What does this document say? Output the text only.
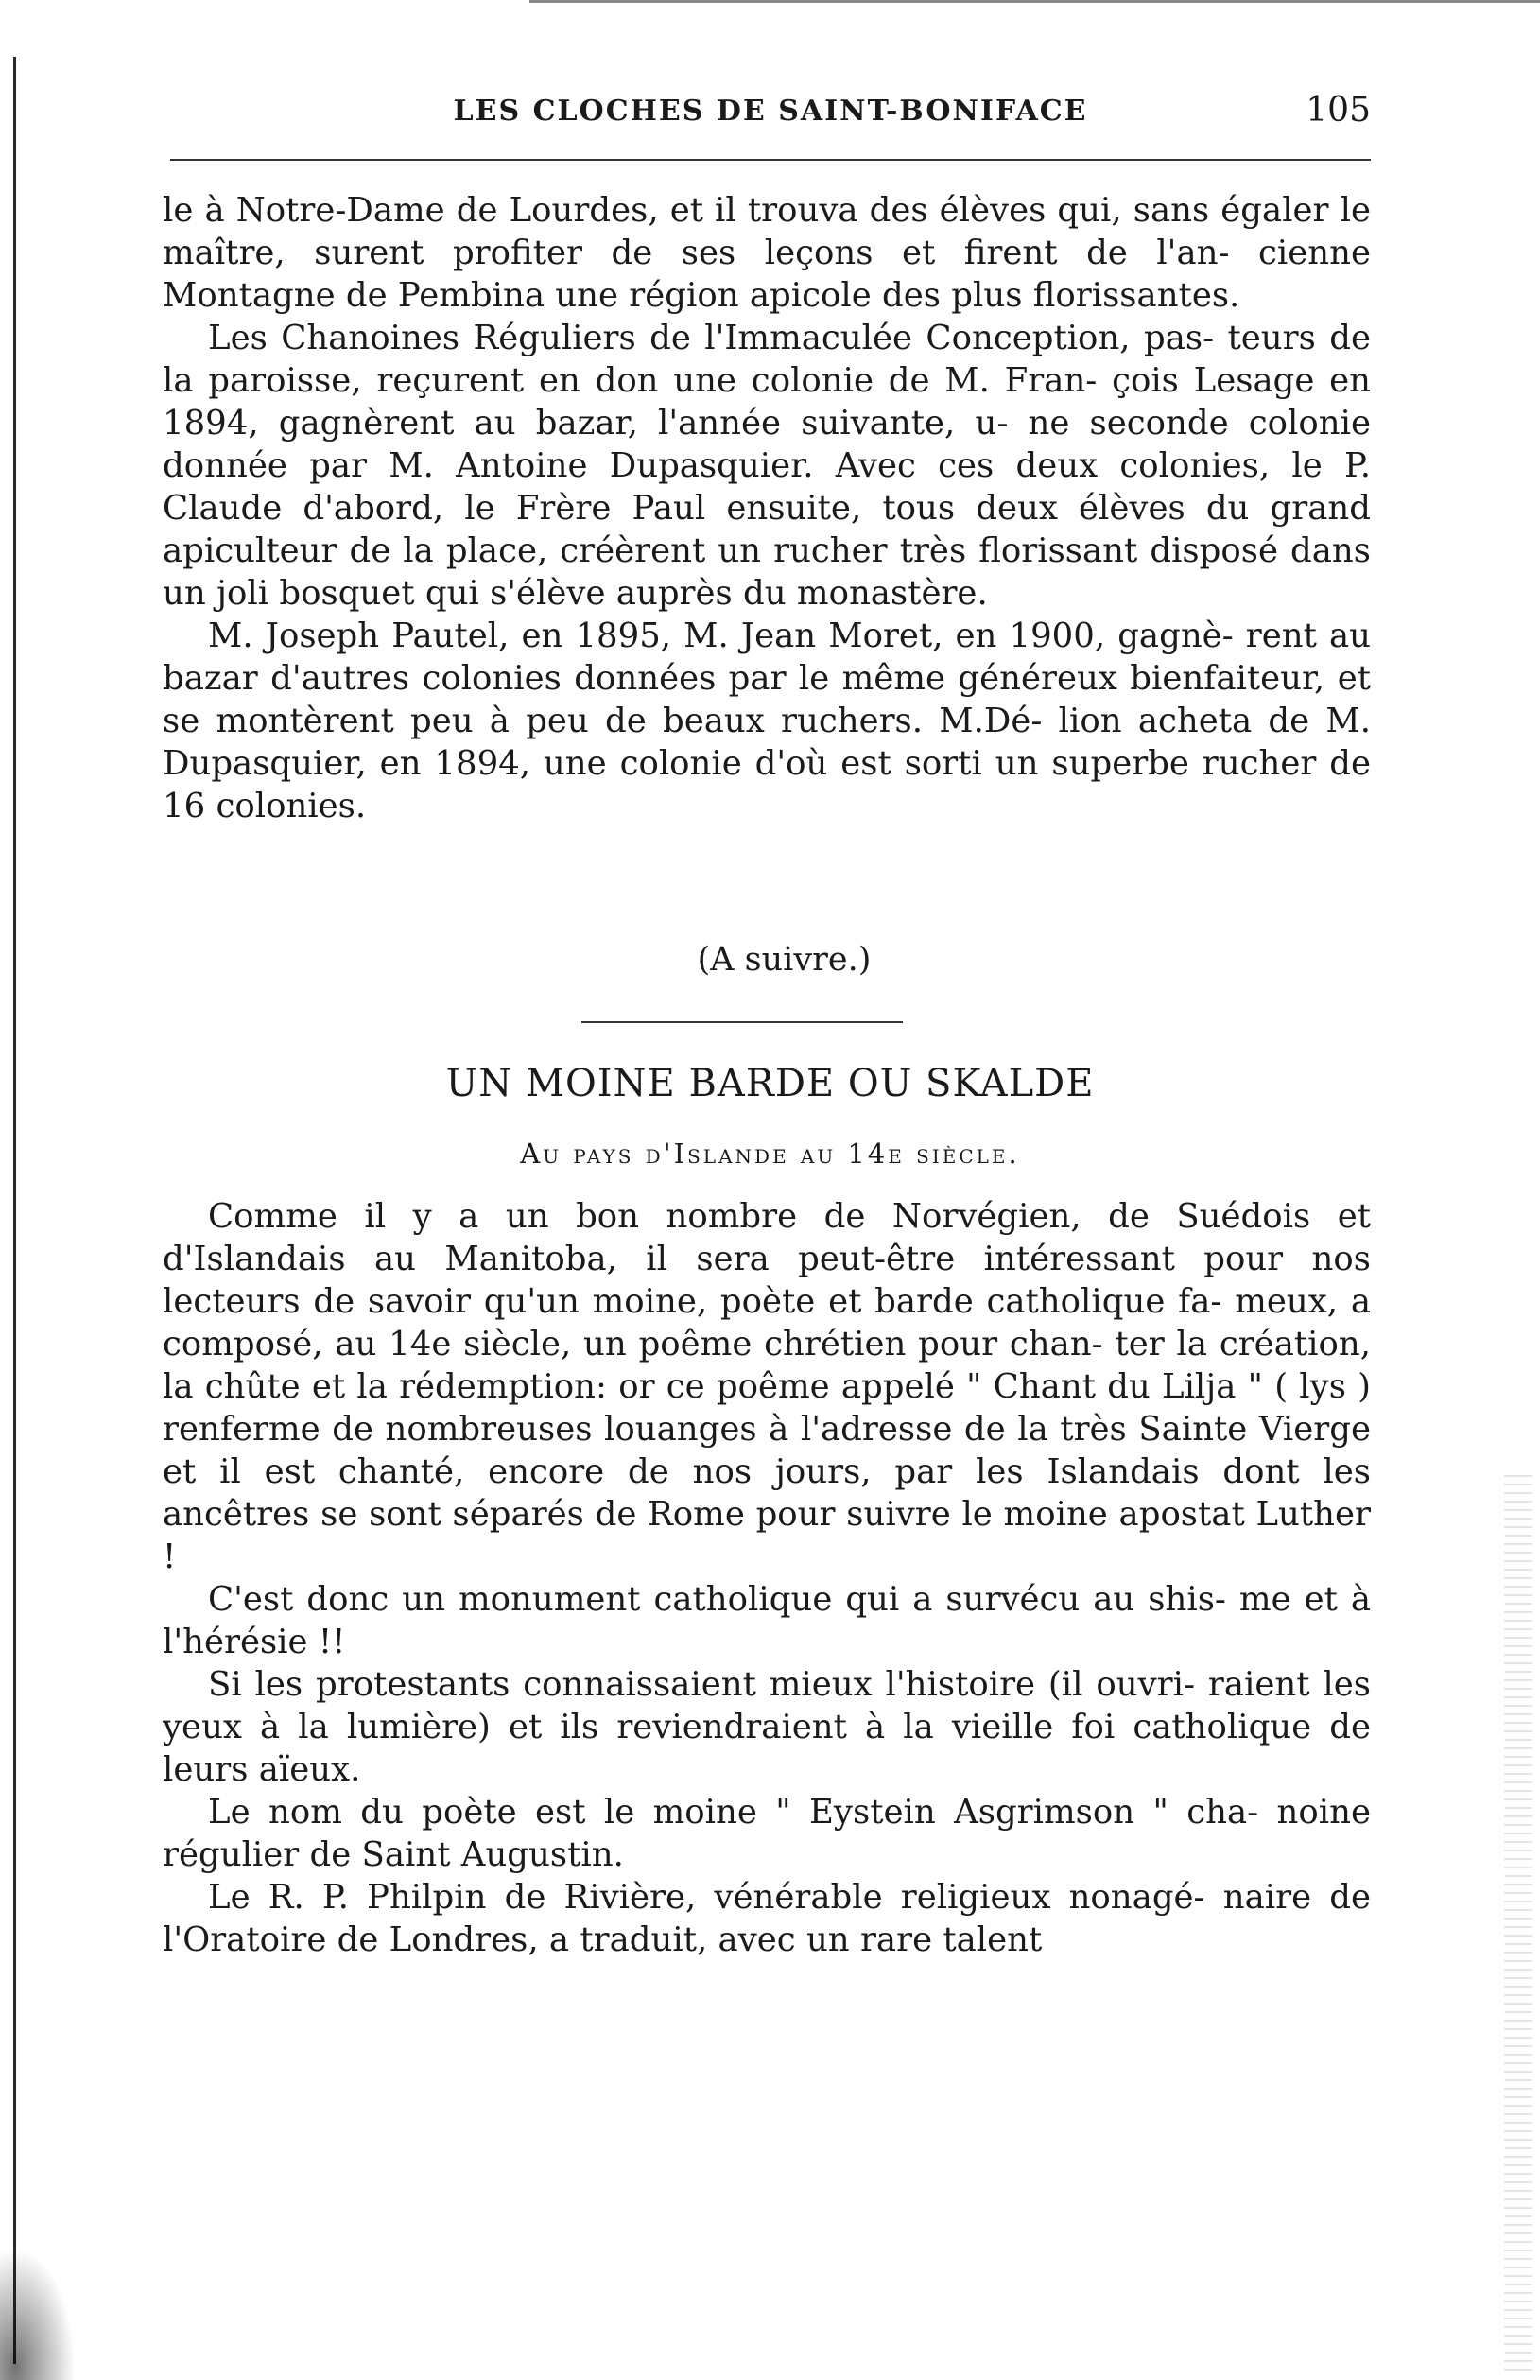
LES CLOCHES DE SAINT-BONIFACE	105

le à Notre-Dame de Lourdes, et il trouva des élèves qui, sans égaler le maître, surent profiter de ses leçons et firent de l'an- cienne Montagne de Pembina une région apicole des plus florissantes.

Les Chanoines Réguliers de l'Immaculée Conception, pas- teurs de la paroisse, reçurent en don une colonie de M. Fran- çois Lesage en 1894, gagnèrent au bazar, l'année suivante, u- ne seconde colonie donnée par M. Antoine Dupasquier. Avec ces deux colonies, le P. Claude d'abord, le Frère Paul ensuite, tous deux élèves du grand apiculteur de la place, créèrent un rucher très florissant disposé dans un joli bosquet qui s'élève auprès du monastère.

M. Joseph Pautel, en 1895, M. Jean Moret, en 1900, gagnè- rent au bazar d'autres colonies données par le même généreux bienfaiteur, et se montèrent peu à peu de beaux ruchers. M.Dé- lion acheta de M. Dupasquier, en 1894, une colonie d'où est sorti un superbe rucher de 16 colonies.

(A suivre.)
UN MOINE BARDE OU SKALDE
Au pays d'Islande au 14e siècle.

Comme il y a un bon nombre de Norvégien, de Suédois et d'Islandais au Manitoba, il sera peut-être intéressant pour nos lecteurs de savoir qu'un moine, poète et barde catholique fa- meux, a composé, au 14e siècle, un poême chrétien pour chan- ter la création, la chûte et la rédemption: or ce poême appelé " Chant du Lilja " ( lys ) renferme de nombreuses louanges à l'adresse de la très Sainte Vierge et il est chanté, encore de nos jours, par les Islandais dont les ancêtres se sont séparés de Rome pour suivre le moine apostat Luther !

C'est donc un monument catholique qui a survécu au shis- me et à l'hérésie !!

Si les protestants connaissaient mieux l'histoire (il ouvri- raient les yeux à la lumière) et ils reviendraient à la vieille foi catholique de leurs aïeux.

Le nom du poète est le moine " Eystein Asgrimson " cha- noine régulier de Saint Augustin.

Le R. P. Philpin de Rivière, vénérable religieux nonagé- naire de l'Oratoire de Londres, a traduit, avec un rare talent
